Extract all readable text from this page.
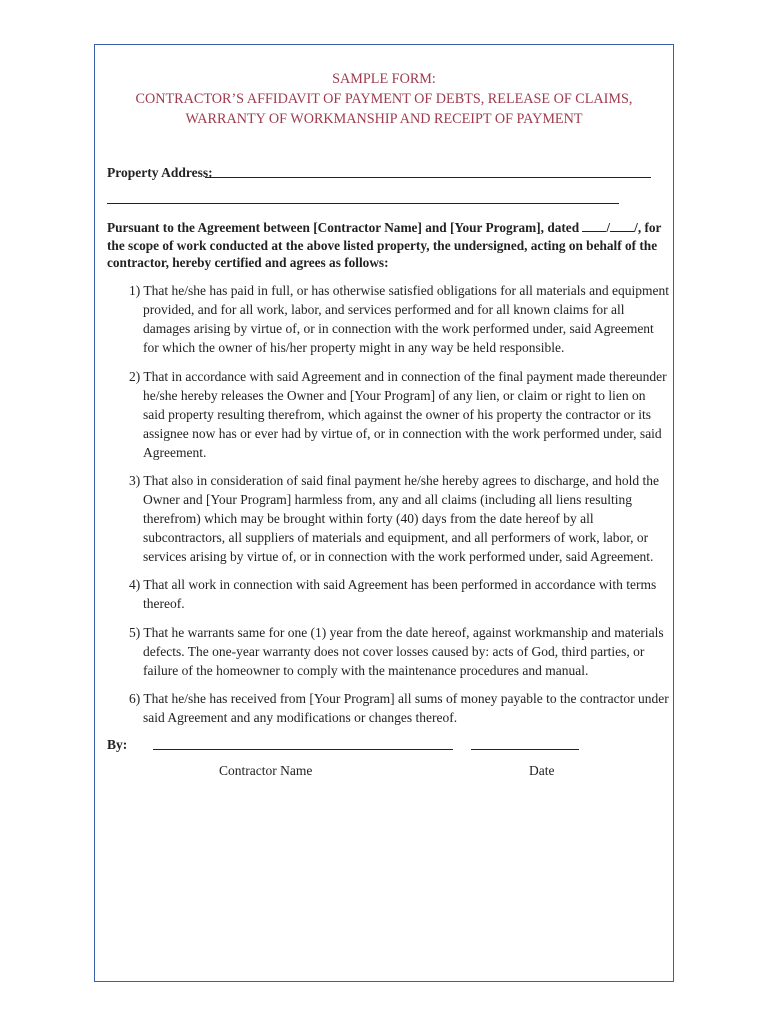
SAMPLE FORM:
CONTRACTOR’S AFFIDAVIT OF PAYMENT OF DEBTS, RELEASE OF CLAIMS,
WARRANTY OF WORKMANSHIP AND RECEIPT OF PAYMENT
Property Address:
Pursuant to the Agreement between [Contractor Name] and [Your Program], dated / /, for the scope of work conducted at the above listed property, the undersigned, acting on behalf of the contractor, hereby certified and agrees as follows:
1) That he/she has paid in full, or has otherwise satisfied obligations for all materials and equipment provided, and for all work, labor, and services performed and for all known claims for all damages arising by virtue of, or in connection with the work performed under, said Agreement for which the owner of his/her property might in any way be held responsible.
2) That in accordance with said Agreement and in connection of the final payment made thereunder he/she hereby releases the Owner and [Your Program] of any lien, or claim or right to lien on said property resulting therefrom, which against the owner of his property the contractor or its assignee now has or ever had by virtue of, or in connection with the work performed under, said Agreement.
3) That also in consideration of said final payment he/she hereby agrees to discharge, and hold the Owner and [Your Program] harmless from, any and all claims (including all liens resulting therefrom) which may be brought within forty (40) days from the date hereof by all subcontractors, all suppliers of materials and equipment, and all performers of work, labor, or services arising by virtue of, or in connection with the work performed under, said Agreement.
4) That all work in connection with said Agreement has been performed in accordance with terms thereof.
5) That he warrants same for one (1) year from the date hereof, against workmanship and materials defects. The one-year warranty does not cover losses caused by: acts of God, third parties, or failure of the homeowner to comply with the maintenance procedures and manual.
6) That he/she has received from [Your Program] all sums of money payable to the contractor under said Agreement and any modifications or changes thereof.
By:
Contractor Name	Date
